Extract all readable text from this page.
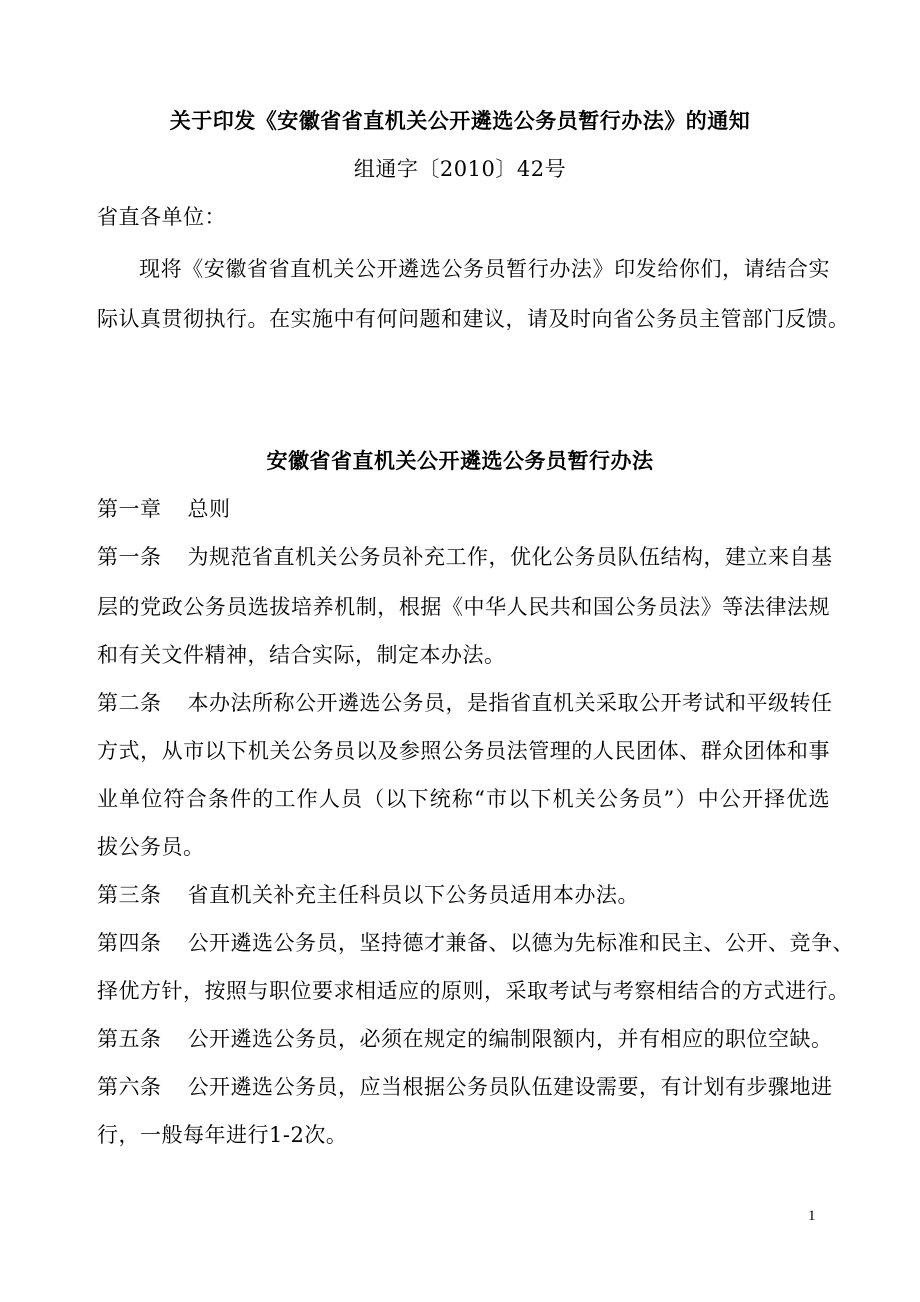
关于印发《安徽省省直机关公开遴选公务员暂行办法》的通知
组通字〔2010〕42号
省直各单位：
现将《安徽省省直机关公开遴选公务员暂行办法》印发给你们，请结合实
际认真贯彻执行。在实施中有何问题和建议，请及时向省公务员主管部门反馈。
安徽省省直机关公开遴选公务员暂行办法
第一章 总则
第一条 为规范省直机关公务员补充工作，优化公务员队伍结构，建立来自基
层的党政公务员选拔培养机制，根据《中华人民共和国公务员法》等法律法规
和有关文件精神，结合实际，制定本办法。
第二条 本办法所称公开遴选公务员，是指省直机关采取公开考试和平级转任
方式，从市以下机关公务员以及参照公务员法管理的人民团体、群众团体和事
业单位符合条件的工作人员（以下统称“市以下机关公务员”）中公开择优选
拔公务员。
第三条 省直机关补充主任科员以下公务员适用本办法。
第四条 公开遴选公务员，坚持德才兼备、以德为先标准和民主、公开、竞争、
择优方针，按照与职位要求相适应的原则，采取考试与考察相结合的方式进行。
第五条 公开遴选公务员，必须在规定的编制限额内，并有相应的职位空缺。
第六条 公开遴选公务员，应当根据公务员队伍建设需要，有计划有步骤地进
行，一般每年进行1-2次。
1
